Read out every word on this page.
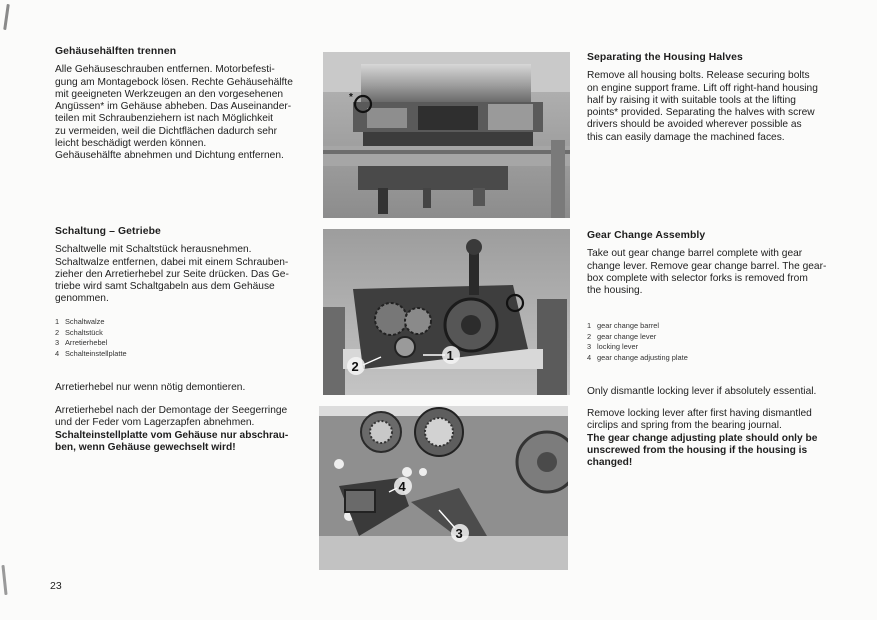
Gehäusehälften trennen

Alle Gehäuseschrauben entfernen. Motorbefesti-
gung am Montagebock lösen. Rechte Gehäusehälfte
mit geeigneten Werkzeugen an den vorgesehenen
Angüssen* im Gehäuse abheben. Das Auseinander-
teilen mit Schraubenziehern ist nach Möglichkeit
zu vermeiden, weil die Dichtflächen dadurch sehr
leicht beschädigt werden können.
Gehäusehälfte abnehmen und Dichtung entfernen.

Schaltung – Getriebe

Schaltwelle mit Schaltstück herausnehmen.
Schaltwalze entfernen, dabei mit einem Schrauben-
zieher den Arretierhebel zur Seite drücken. Das Ge-
triebe wird samt Schaltgabeln aus dem Gehäuse
genommen.

1 Schaltwalze
2 Schaltstück
3 Arretierhebel
4 Schalteinstellplatte

Arretierhebel nur wenn nötig demontieren.

Arretierhebel nach der Demontage der Seegerringe
und der Feder vom Lagerzapfen abnehmen.
Schalteinstellplatte vom Gehäuse nur abschrau-
ben, wenn Gehäuse gewechselt wird!

Separating the Housing Halves

Remove all housing bolts. Release securing bolts
on engine support frame. Lift off right-hand housing
half by raising it with suitable tools at the lifting
points* provided. Separating the halves with screw
drivers should be avoided wherever possible as
this can easily damage the machined faces.

Gear Change Assembly

Take out gear change barrel complete with gear
change lever. Remove gear change barrel. The gear-
box complete with selector forks is removed from
the housing.

1 gear change barrel
2 gear change lever
3 locking lever
4 gear change adjusting plate

Only dismantle locking lever if absolutely essential.

Remove locking lever after first having dismantled
circlips and spring from the bearing journal.
The gear change adjusting plate should only be
unscrewed from the housing if the housing is
changed!

*
1
2
4
3
23
